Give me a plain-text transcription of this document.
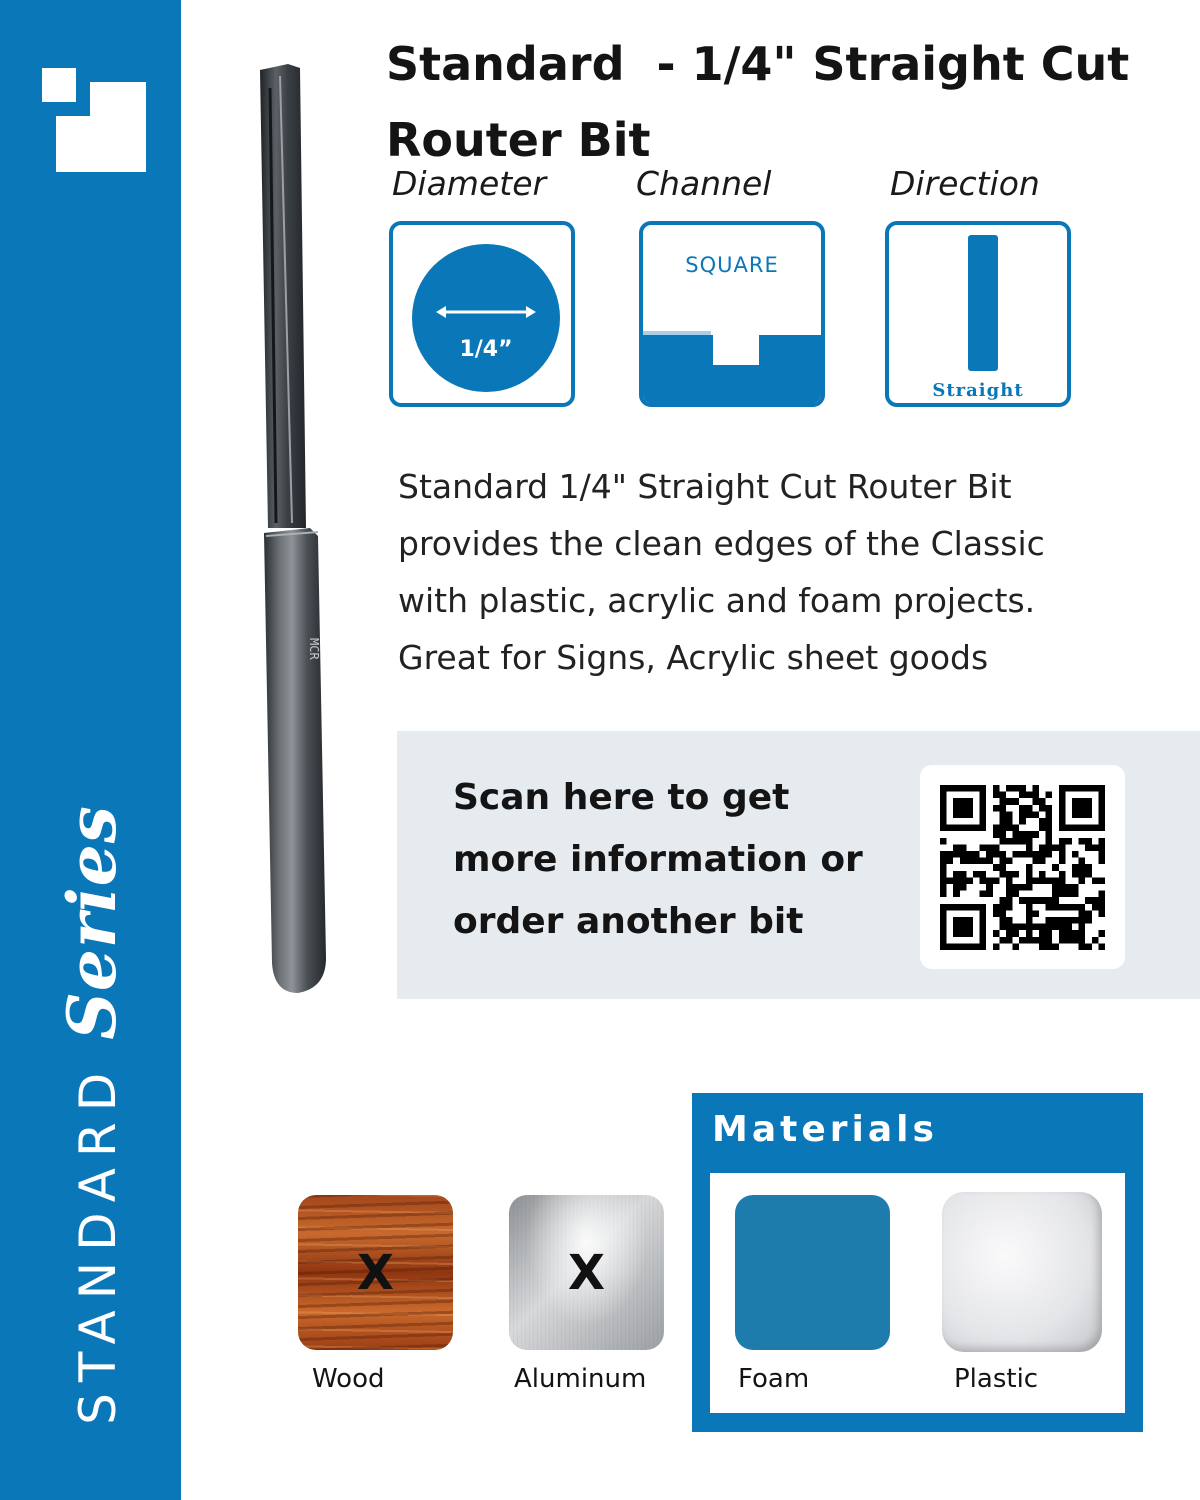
STANDARD
Series
MCR
Standard  - 1/4" Straight Cut
Router Bit
Diameter	Channel	Direction
1/4”
SQUARE
Straight
Standard 1/4" Straight Cut Router Bit
provides the clean edges of the Classic
with plastic, acrylic and foam projects.
Great for Signs, Acrylic sheet goods
Scan here to get
more information or
order another bit
Materials
X	X
Wood	Aluminum	Foam	Plastic
